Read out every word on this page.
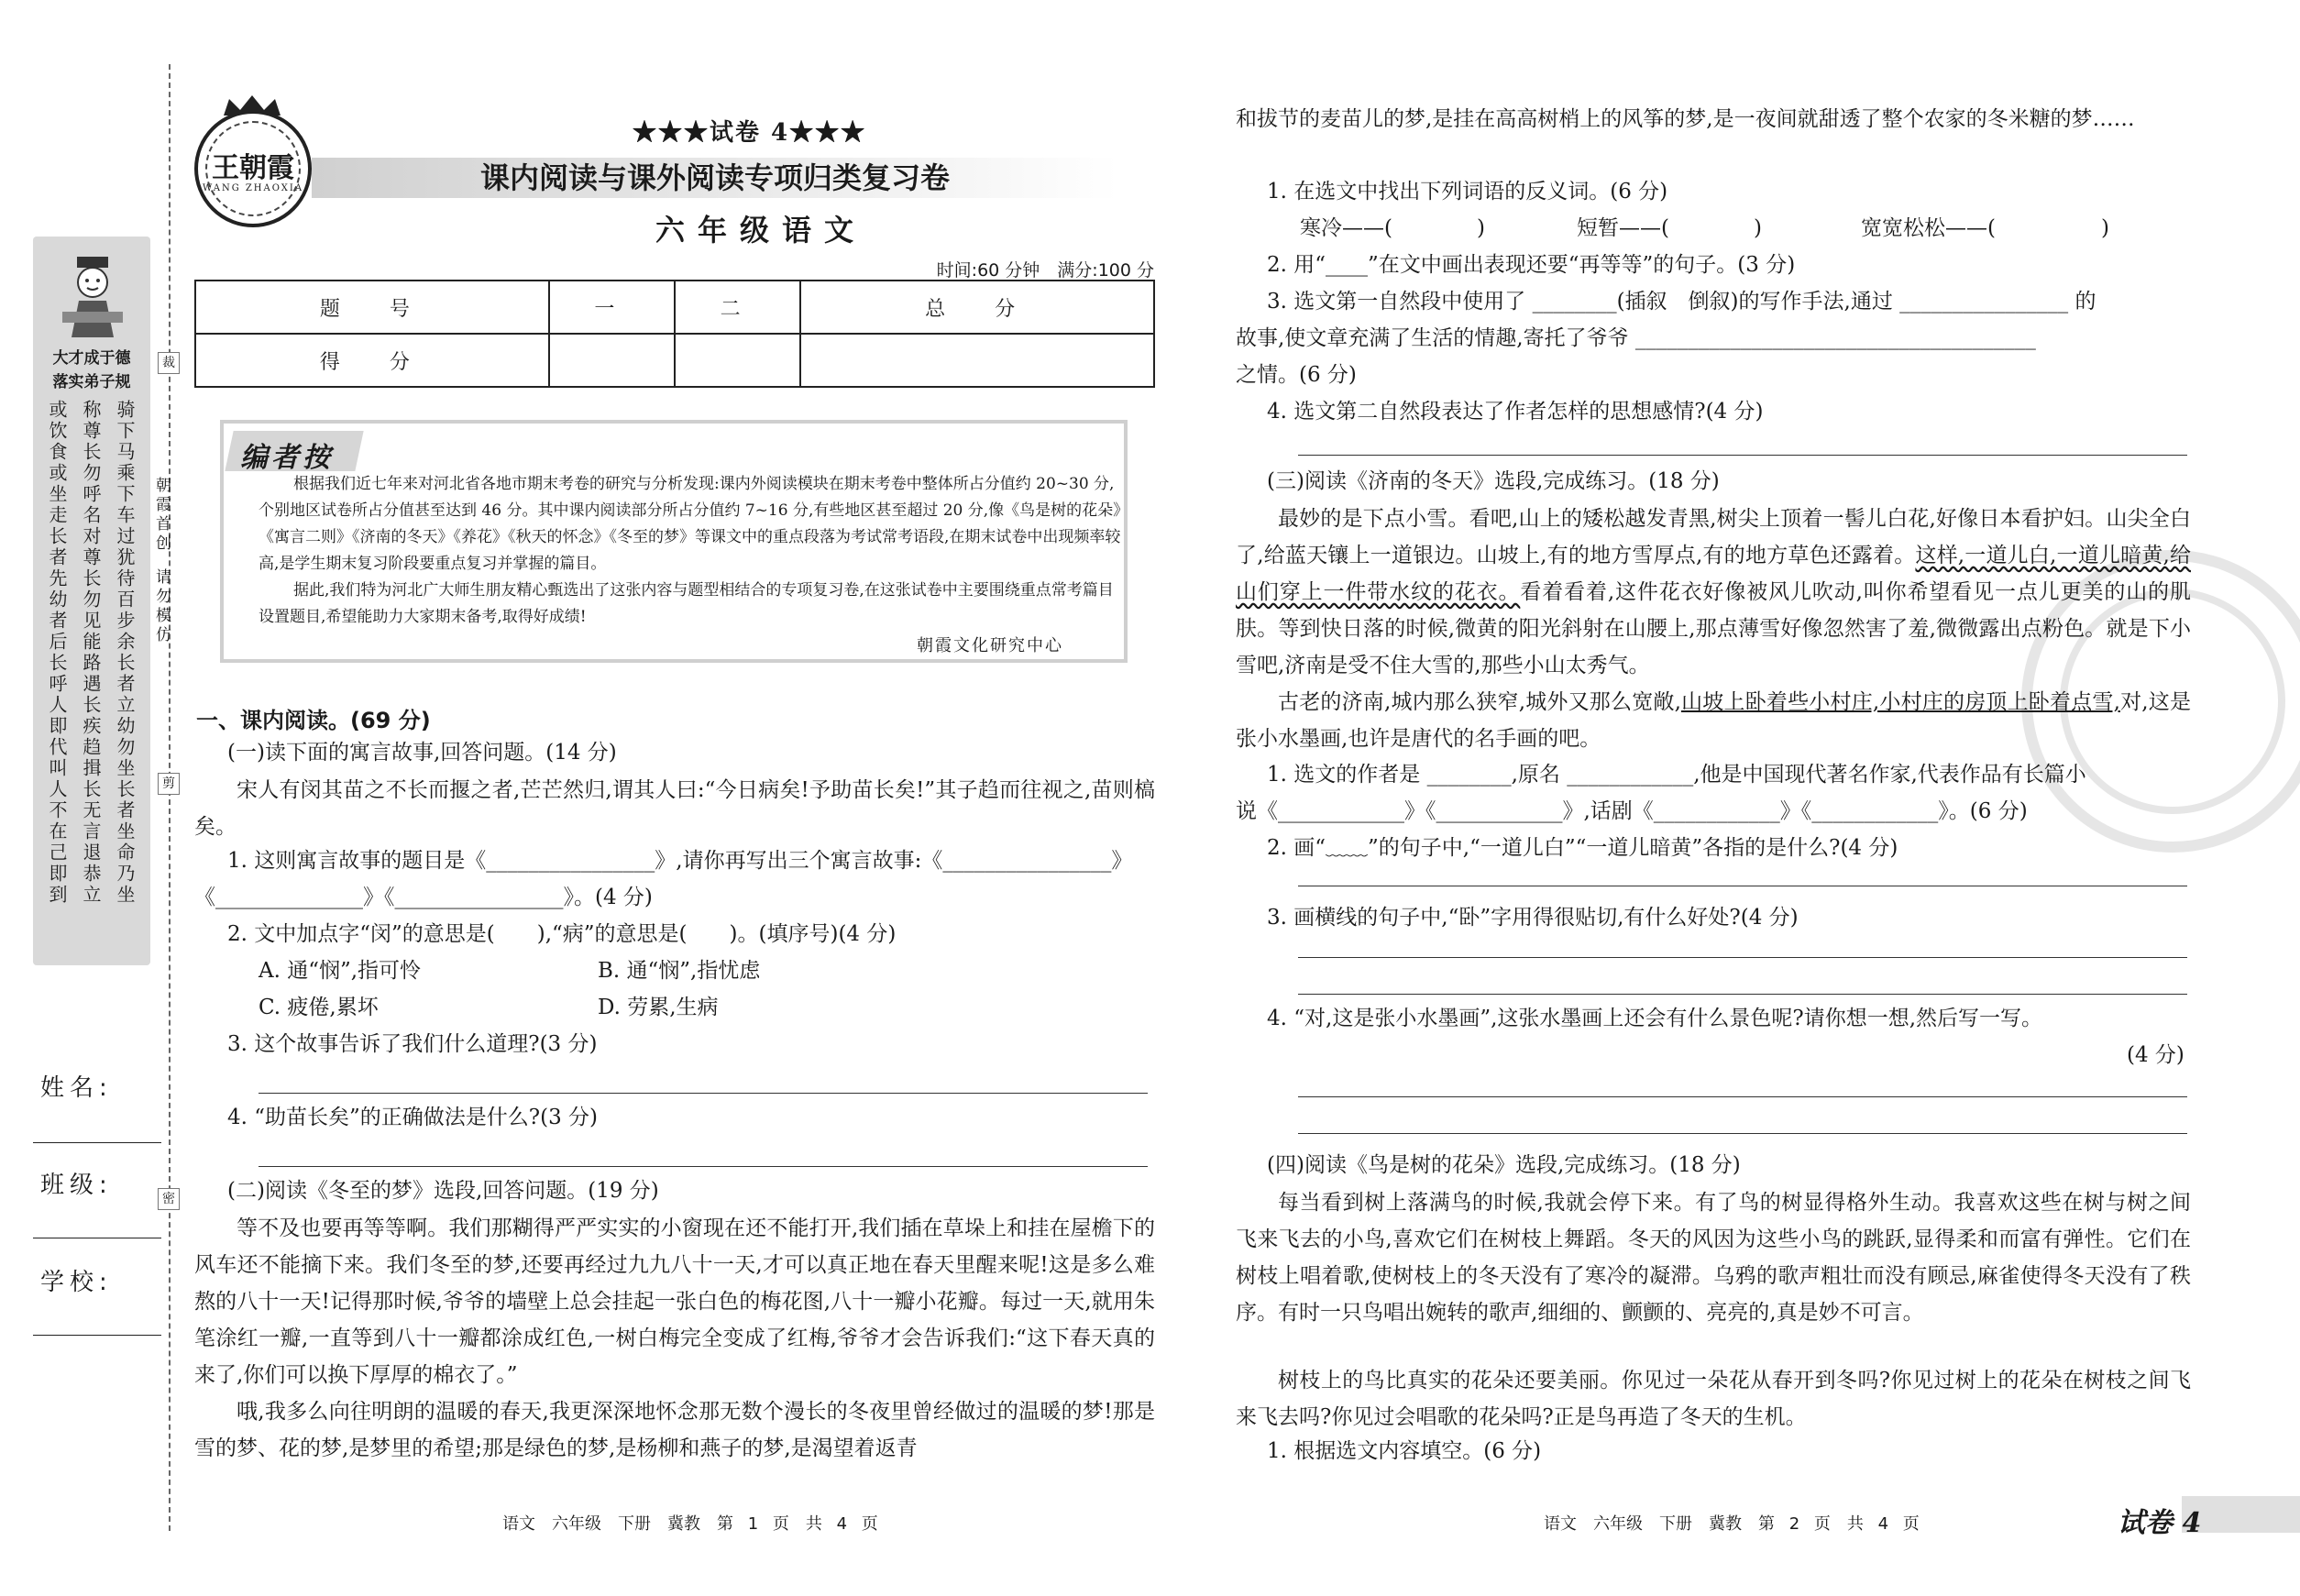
大才成于德
落实弟子规
骑下马乘下车过犹待百步余长者立幼勿坐长者坐命乃坐
称尊长勿呼名对尊长勿见能路遇长疾趋揖长无言退恭立
或饮食或坐走长者先幼者后长呼人即代叫人不在己即到
姓名:
班级:
学校:
裁
朝霞首创
请勿模仿
剪
密
王朝霞
WANG ZHAOXIA
★★★试卷 4★★★
课内阅读与课外阅读专项归类复习卷
六年级语文
时间:60 分钟　满分:100 分
题　号	一	二	总　分
得　分			
编者按
根据我们近七年来对河北省各地市期末考卷的研究与分析发现:课内外阅读模块在期末考卷中整体所占分值约 20~30 分,个别地区试卷所占分值甚至达到 46 分。其中课内阅读部分所占分值约 7~16 分,有些地区甚至超过 20 分,像《鸟是树的花朵》《寓言二则》《济南的冬天》《养花》《秋天的怀念》《冬至的梦》等课文中的重点段落为考试常考语段,在期末试卷中出现频率较高,是学生期末复习阶段要重点复习并掌握的篇目。
据此,我们特为河北广大师生朋友精心甄选出了这张内容与题型相结合的专项复习卷,在这张试卷中主要围绕重点常考篇目设置题目,希望能助力大家期末备考,取得好成绩!
朝霞文化研究中心
一、课内阅读。(69 分)
(一)读下面的寓言故事,回答问题。(14 分)
宋人有闵其苗之不长而揠之者,芒芒然归,谓其人曰:“今日病矣!予助苗长矣!”其子趋而往视之,苗则槁矣。
1. 这则寓言故事的题目是《________________》,请你再写出三个寓言故事:《________________》
《______________》《________________》。(4 分)
2. 文中加点字“闵”的意思是(　　),“病”的意思是(　　)。(填序号)(4 分)
A. 通“悯”,指可怜	B. 通“悯”,指忧虑
C. 疲倦,累坏	D. 劳累,生病
3. 这个故事告诉了我们什么道理?(3 分)
4. “助苗长矣”的正确做法是什么?(3 分)
(二)阅读《冬至的梦》选段,回答问题。(19 分)
等不及也要再等等啊。我们那糊得严严实实的小窗现在还不能打开,我们插在草垛上和挂在屋檐下的风车还不能摘下来。我们冬至的梦,还要再经过九九八十一天,才可以真正地在春天里醒来呢!这是多么难熬的八十一天!记得那时候,爷爷的墙壁上总会挂起一张白色的梅花图,八十一瓣小花瓣。每过一天,就用朱笔涂红一瓣,一直等到八十一瓣都涂成红色,一树白梅完全变成了红梅,爷爷才会告诉我们:“这下春天真的来了,你们可以换下厚厚的棉衣了。”
哦,我多么向往明朗的温暖的春天,我更深深地怀念那无数个漫长的冬夜里曾经做过的温暖的梦!那是雪的梦、花的梦,是梦里的希望;那是绿色的梦,是杨柳和燕子的梦,是渴望着返青
语文　六年级　下册　冀教　第 1 页　共 4 页
和拔节的麦苗儿的梦,是挂在高高树梢上的风筝的梦,是一夜间就甜透了整个农家的冬米糖的梦……
1. 在选文中找出下列词语的反义词。(6 分)
寒冷——(　　　　)	短暂——(　　　　)	宽宽松松——(　　　　　)
2. 用“____”在文中画出表现还要“再等等”的句子。(3 分)
3. 选文第一自然段中使用了 ________(插叙　倒叙)的写作手法,通过 ________________ 的
故事,使文章充满了生活的情趣,寄托了爷爷 ______________________________________
之情。(6 分)
4. 选文第二自然段表达了作者怎样的思想感情?(4 分)
(三)阅读《济南的冬天》选段,完成练习。(18 分)
最妙的是下点小雪。看吧,山上的矮松越发青黑,树尖上顶着一髻儿白花,好像日本看护妇。山尖全白了,给蓝天镶上一道银边。山坡上,有的地方雪厚点,有的地方草色还露着。这样,一道儿白,一道儿暗黄,给山们穿上一件带水纹的花衣。看着看着,这件花衣好像被风儿吹动,叫你希望看见一点儿更美的山的肌肤。等到快日落的时候,微黄的阳光斜射在山腰上,那点薄雪好像忽然害了羞,微微露出点粉色。就是下小雪吧,济南是受不住大雪的,那些小山太秀气。
古老的济南,城内那么狭窄,城外又那么宽敞,山坡上卧着些小村庄,小村庄的房顶上卧着点雪,对,这是张小水墨画,也许是唐代的名手画的吧。
1. 选文的作者是 ________,原名 ____________,他是中国现代著名作家,代表作品有长篇小
说《____________》《____________》,话剧《____________》《____________》。(6 分)
2. 画“﹏﹏”的句子中,“一道儿白”“一道儿暗黄”各指的是什么?(4 分)
3. 画横线的句子中,“卧”字用得很贴切,有什么好处?(4 分)
4. “对,这是张小水墨画”,这张水墨画上还会有什么景色呢?请你想一想,然后写一写。
(4 分)
(四)阅读《鸟是树的花朵》选段,完成练习。(18 分)
每当看到树上落满鸟的时候,我就会停下来。有了鸟的树显得格外生动。我喜欢这些在树与树之间飞来飞去的小鸟,喜欢它们在树枝上舞蹈。冬天的风因为这些小鸟的跳跃,显得柔和而富有弹性。它们在树枝上唱着歌,使树枝上的冬天没有了寒冷的凝滞。乌鸦的歌声粗壮而没有顾忌,麻雀使得冬天没有了秩序。有时一只鸟唱出婉转的歌声,细细的、颤颤的、亮亮的,真是妙不可言。
树枝上的鸟比真实的花朵还要美丽。你见过一朵花从春开到冬吗?你见过树上的花朵在树枝之间飞来飞去吗?你见过会唱歌的花朵吗?正是鸟再造了冬天的生机。
1. 根据选文内容填空。(6 分)
语文　六年级　下册　冀教　第 2 页　共 4 页	试卷 4
